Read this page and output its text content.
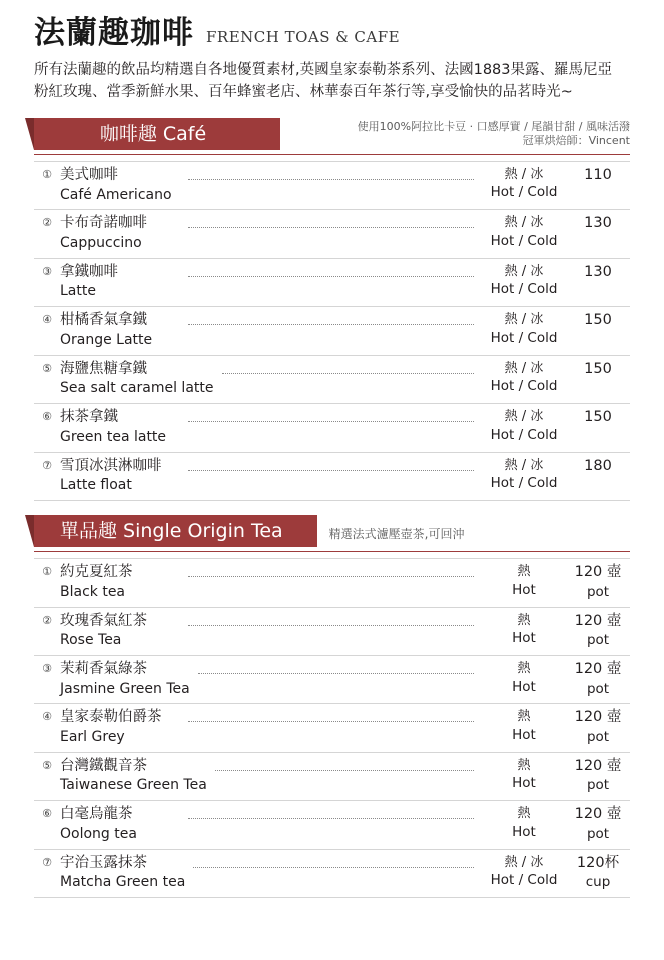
法蘭趣珈啡 FRENCH TOAS & CAFE
所有法蘭趣的飲品均精選自各地優質素材,英國皇家泰勒茶系列、法國1883果露、羅馬尼亞
粉紅玫瑰、當季新鮮水果、百年蜂蜜老店、林華泰百年茶行等,享受愉快的品茗時光~
咖啡趣 Café	使用100%阿拉比卡豆 · 口感厚實 / 尾韻甘甜 / 風味活潑
冠軍烘焙師：Vincent
① 美式咖啡
Café Americano
熱 / 冰
Hot / Cold
110
② 卡布奇諾咖啡
Cappuccino
熱 / 冰
Hot / Cold
130
③ 拿鐵咖啡
Latte
熱 / 冰
Hot / Cold
130
④ 柑橘香氣拿鐵
Orange Latte
熱 / 冰
Hot / Cold
150
⑤ 海鹽焦糖拿鐵
Sea salt caramel latte
熱 / 冰
Hot / Cold
150
⑥ 抹茶拿鐵
Green tea latte
熱 / 冰
Hot / Cold
150
⑦ 雪頂冰淇淋咖啡
Latte float
熱 / 冰
Hot / Cold
180
單品趣 Single Origin Tea	精選法式濾壓壺茶,可回沖
① 約克夏紅茶
Black tea
熱
Hot
120 壺
pot
② 玫瑰香氣紅茶
Rose Tea
熱
Hot
120 壺
pot
③ 茉莉香氣綠茶
Jasmine Green Tea
熱
Hot
120 壺
pot
④ 皇家泰勒伯爵茶
Earl Grey
熱
Hot
120 壺
pot
⑤ 台灣鐵觀音茶
Taiwanese Green Tea
熱
Hot
120 壺
pot
⑥ 白毫烏龍茶
Oolong tea
熱
Hot
120 壺
pot
⑦ 宇治玉露抹茶
Matcha Green tea
熱 / 冰
Hot / Cold
120杯
cup
